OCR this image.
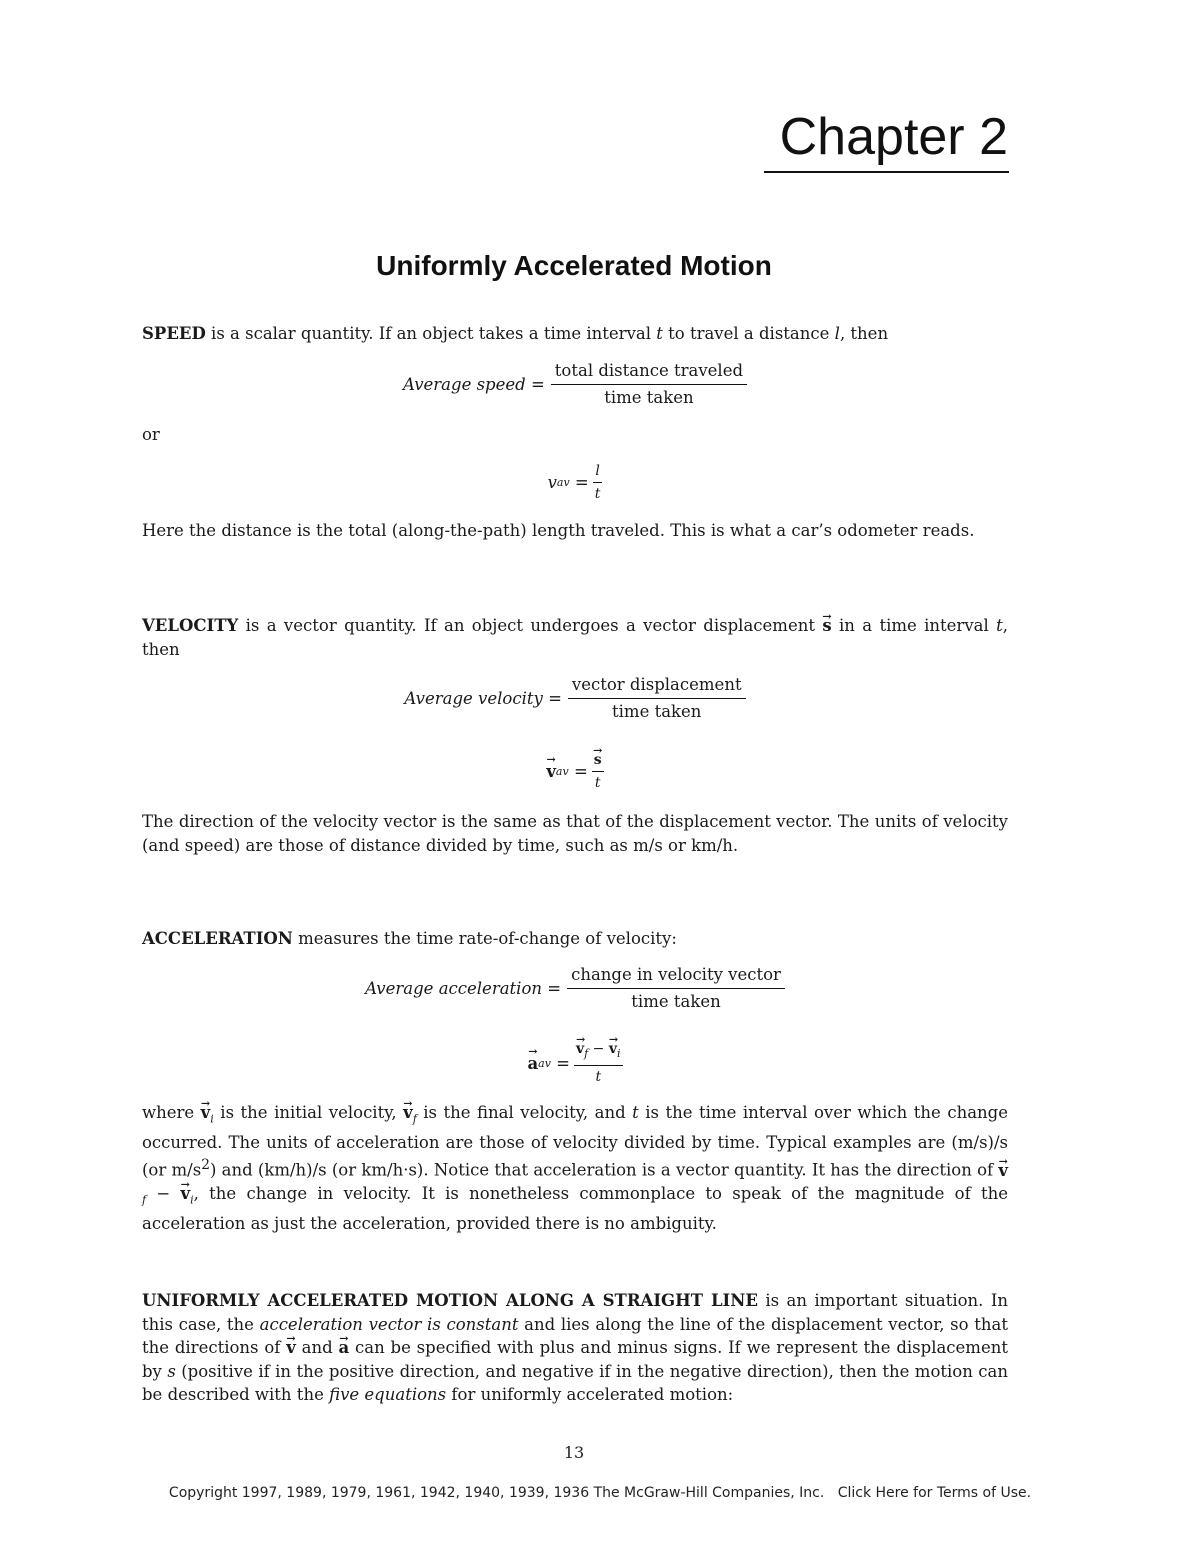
Chapter 2
Uniformly Accelerated Motion
SPEED is a scalar quantity. If an object takes a time interval t to travel a distance l, then
Average speed = $\frac{\text{total distance traveled}}{\text{time taken}}$
or
v av = $\frac{l}{t}$
Here the distance is the total (along-the-path) length traveled. This is what a car’s odometer reads.
VELOCITY is a vector quantity. If an object undergoes a vector displacement → s in a time interval t, then
Average velocity = $\frac{\text{vector displacement}}{\text{time taken}}$
→ v av = → $\frac{s}{t}$
The direction of the velocity vector is the same as that of the displacement vector. The units of velocity (and speed) are those of distance divided by time, such as m/s or km/h.
ACCELERATION measures the time rate-of-change of velocity:
Average acceleration = $\frac{\text{change in velocity vector}}{\text{time taken}}$
→ a av = → $\frac{v_f - \to v_i}{t}$
where → $v_i$ is the initial velocity, → $v_f$ is the final velocity, and t is the time interval over which the change occurred. The units of acceleration are those of velocity divided by time. Typical examples are (m/s)/s (or $m/s^2$) and (km/h)/s (or km/h·s). Notice that acceleration is a vector quantity. It has the direction of → $v_f$ − → $v_i$, the change in velocity. It is nonetheless commonplace to speak of the magnitude of the acceleration as just the acceleration, provided there is no ambiguity.
UNIFORMLY ACCELERATED MOTION ALONG A STRAIGHT LINE is an important situation. In this case, the acceleration vector is constant and lies along the line of the displacement vector, so that the directions of → v and → a can be specified with plus and minus signs. If we represent the displacement by s (positive if in the positive direction, and negative if in the negative direction), then the motion can be described with the five equations for uniformly accelerated motion:
13
Copyright 1997, 1989, 1979, 1961, 1942, 1940, 1939, 1936 The McGraw-Hill Companies, Inc. Click Here for Terms of Use.
